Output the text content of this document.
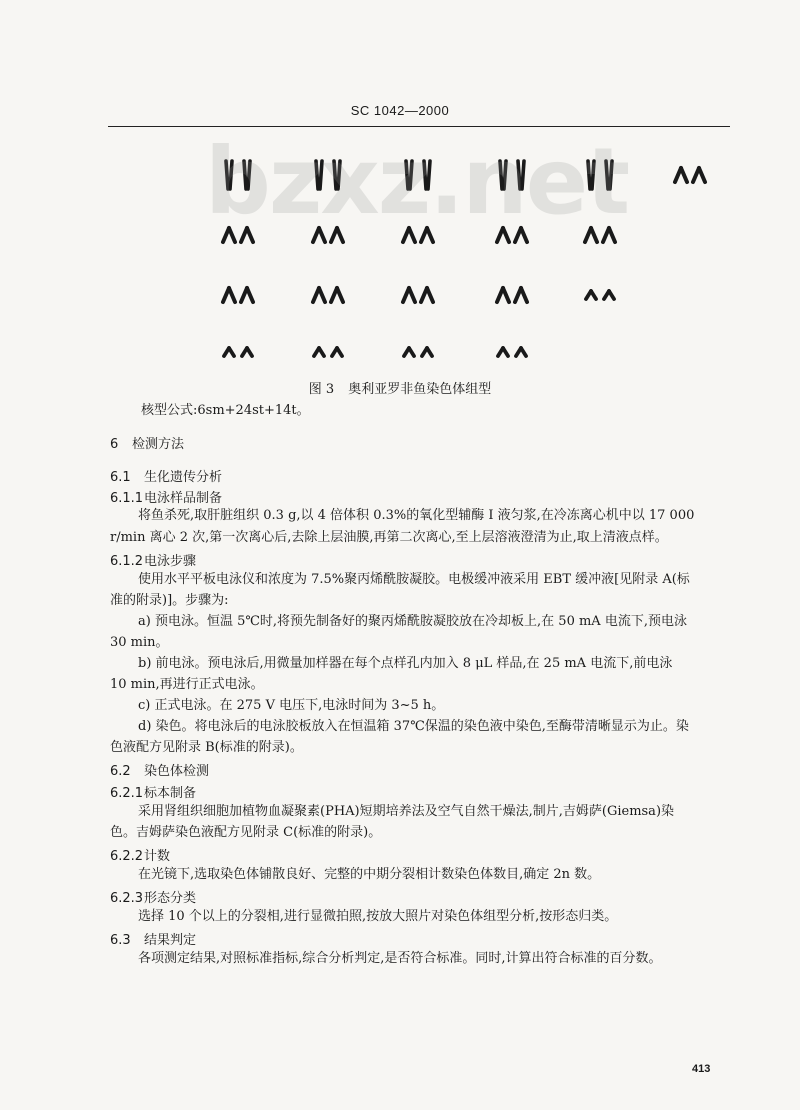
SC 1042—2000
bzxz.net
图 3 奥利亚罗非鱼染色体组型
核型公式:6sm+24st+14t。
6 检测方法
6.1 生化遗传分析
6.1.1电泳样品制备
将鱼杀死,取肝脏组织 0.3 g,以 4 倍体积 0.3%的氧化型辅酶 I 液匀浆,在冷冻离心机中以 17 000
r/min 离心 2 次,第一次离心后,去除上层油膜,再第二次离心,至上层溶液澄清为止,取上清液点样。
6.1.2电泳步骤
使用水平平板电泳仪和浓度为 7.5%聚丙烯酰胺凝胶。电极缓冲液采用 EBT 缓冲液[见附录 A(标
准的附录)]。步骤为:
a) 预电泳。恒温 5℃时,将预先制备好的聚丙烯酰胺凝胶放在冷却板上,在 50 mA 电流下,预电泳
30 min。
b) 前电泳。预电泳后,用微量加样器在每个点样孔内加入 8 μL 样品,在 25 mA 电流下,前电泳
10 min,再进行正式电泳。
c) 正式电泳。在 275 V 电压下,电泳时间为 3~5 h。
d) 染色。将电泳后的电泳胶板放入在恒温箱 37℃保温的染色液中染色,至酶带清晰显示为止。染
色液配方见附录 B(标准的附录)。
6.2 染色体检测
6.2.1标本制备
采用肾组织细胞加植物血凝聚素(PHA)短期培养法及空气自然干燥法,制片,吉姆萨(Giemsa)染
色。吉姆萨染色液配方见附录 C(标准的附录)。
6.2.2计数
在光镜下,选取染色体铺散良好、完整的中期分裂相计数染色体数目,确定 2n 数。
6.2.3形态分类
选择 10 个以上的分裂相,进行显微拍照,按放大照片对染色体组型分析,按形态归类。
6.3 结果判定
各项测定结果,对照标准指标,综合分析判定,是否符合标准。同时,计算出符合标准的百分数。
413
